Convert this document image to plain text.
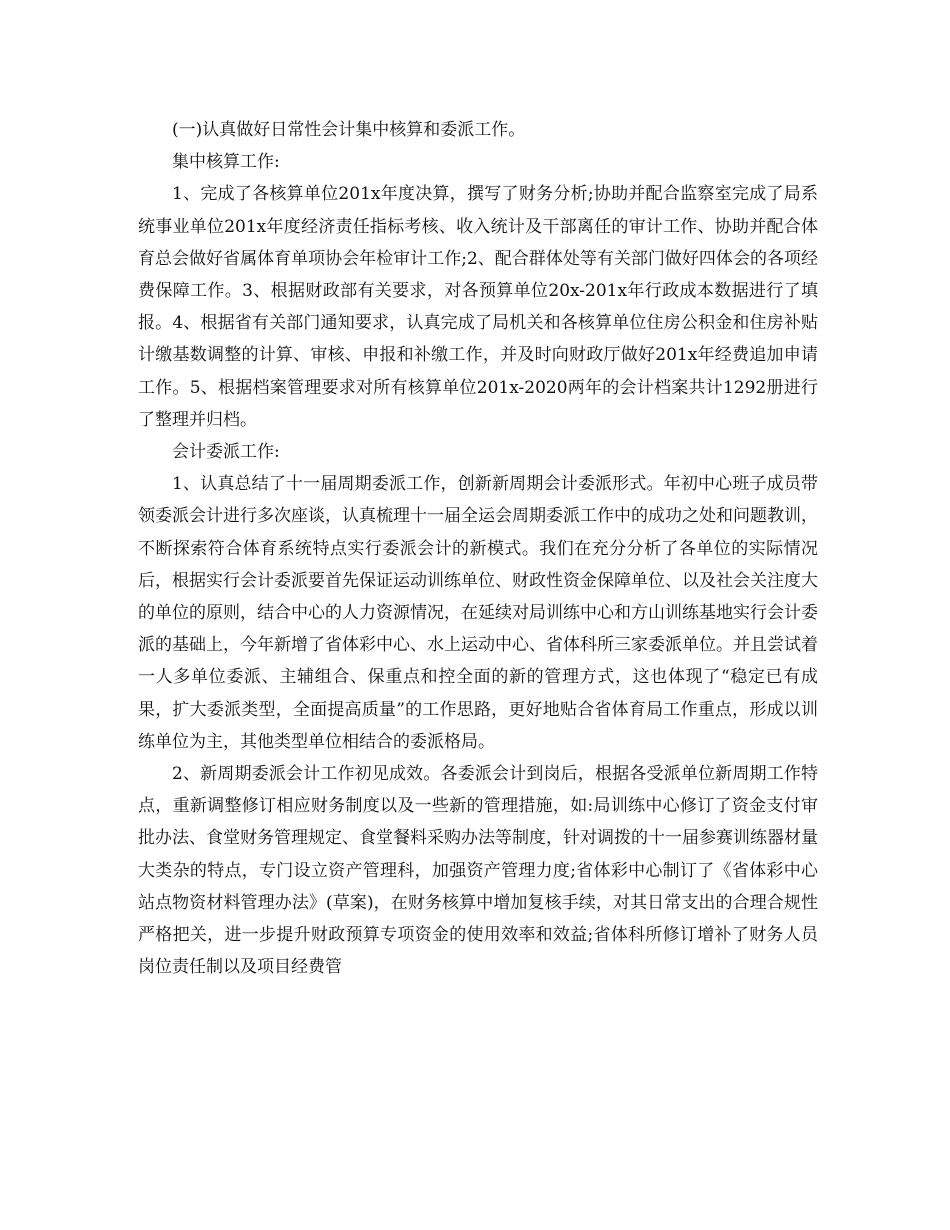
(一)认真做好日常性会计集中核算和委派工作。

集中核算工作:

1、完成了各核算单位201x年度决算，撰写了财务分析;协助并配合监察室完成了局系统事业单位201x年度经济责任指标考核、收入统计及干部离任的审计工作、协助并配合体育总会做好省属体育单项协会年检审计工作;2、配合群体处等有关部门做好四体会的各项经费保障工作。3、根据财政部有关要求，对各预算单位20x-201x年行政成本数据进行了填报。4、根据省有关部门通知要求，认真完成了局机关和各核算单位住房公积金和住房补贴计缴基数调整的计算、审核、申报和补缴工作，并及时向财政厅做好201x年经费追加申请工作。5、根据档案管理要求对所有核算单位201x-2020两年的会计档案共计1292册进行了整理并归档。

会计委派工作:

1、认真总结了十一届周期委派工作，创新新周期会计委派形式。年初中心班子成员带领委派会计进行多次座谈，认真梳理十一届全运会周期委派工作中的成功之处和问题教训，不断探索符合体育系统特点实行委派会计的新模式。我们在充分分析了各单位的实际情况后，根据实行会计委派要首先保证运动训练单位、财政性资金保障单位、以及社会关注度大的单位的原则，结合中心的人力资源情况，在延续对局训练中心和方山训练基地实行会计委派的基础上，今年新增了省体彩中心、水上运动中心、省体科所三家委派单位。并且尝试着一人多单位委派、主辅组合、保重点和控全面的新的管理方式，这也体现了“稳定已有成果，扩大委派类型，全面提高质量”的工作思路，更好地贴合省体育局工作重点，形成以训练单位为主，其他类型单位相结合的委派格局。

2、新周期委派会计工作初见成效。各委派会计到岗后，根据各受派单位新周期工作特点，重新调整修订相应财务制度以及一些新的管理措施，如:局训练中心修订了资金支付审批办法、食堂财务管理规定、食堂餐料采购办法等制度，针对调拨的十一届参赛训练器材量大类杂的特点，专门设立资产管理科，加强资产管理力度;省体彩中心制订了《省体彩中心站点物资材料管理办法》(草案)，在财务核算中增加复核手续，对其日常支出的合理合规性严格把关，进一步提升财政预算专项资金的使用效率和效益;省体科所修订增补了财务人员岗位责任制以及项目经费管
